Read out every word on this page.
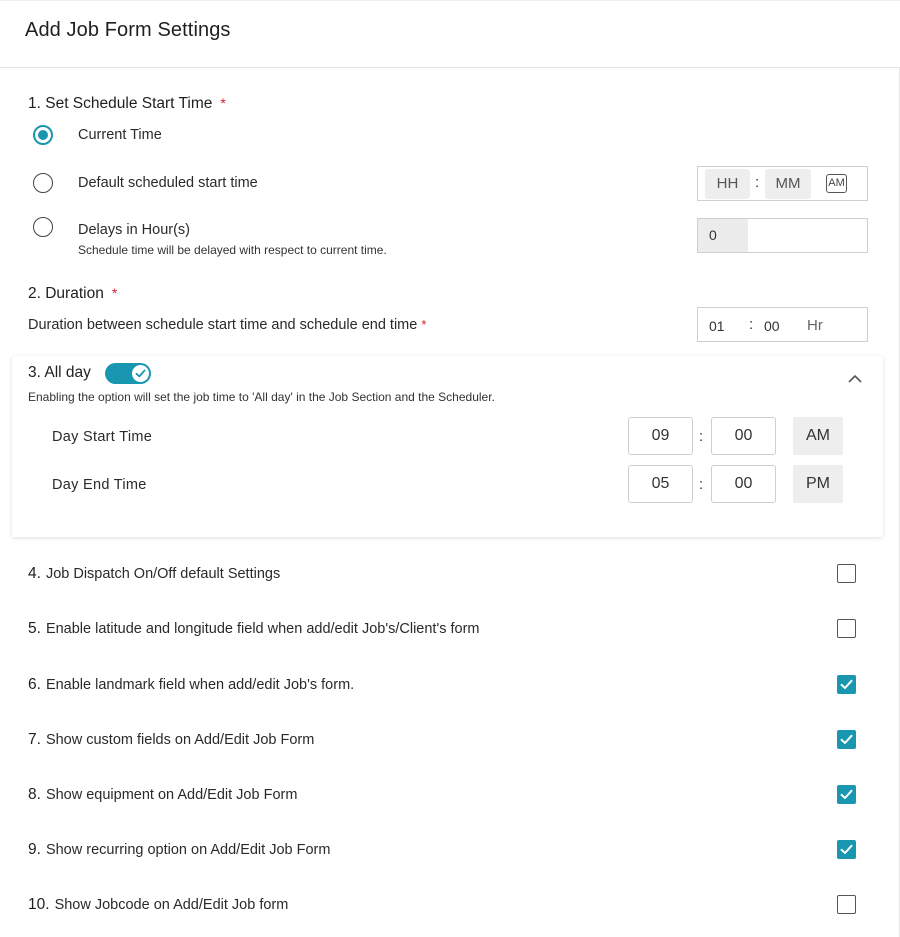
Add Job Form Settings
1. Set Schedule Start Time *
Current Time
Default scheduled start time	HH	:	MM	AM
Delays in Hour(s)
Schedule time will be delayed with respect to current time.
0
2. Duration *
Duration between schedule start time and schedule end time *	01 : 00 Hr
3. All day
Enabling the option will set the job time to 'All day' in the Job Section and the Scheduler.
Day Start Time	09	:	00	AM
Day End Time	05	:	00	PM
4. Job Dispatch On/Off default Settings
5. Enable latitude and longitude field when add/edit Job's/Client's form
6. Enable landmark field when add/edit Job's form.
7. Show custom fields on Add/Edit Job Form
8. Show equipment on Add/Edit Job Form
9. Show recurring option on Add/Edit Job Form
10. Show Jobcode on Add/Edit Job form
